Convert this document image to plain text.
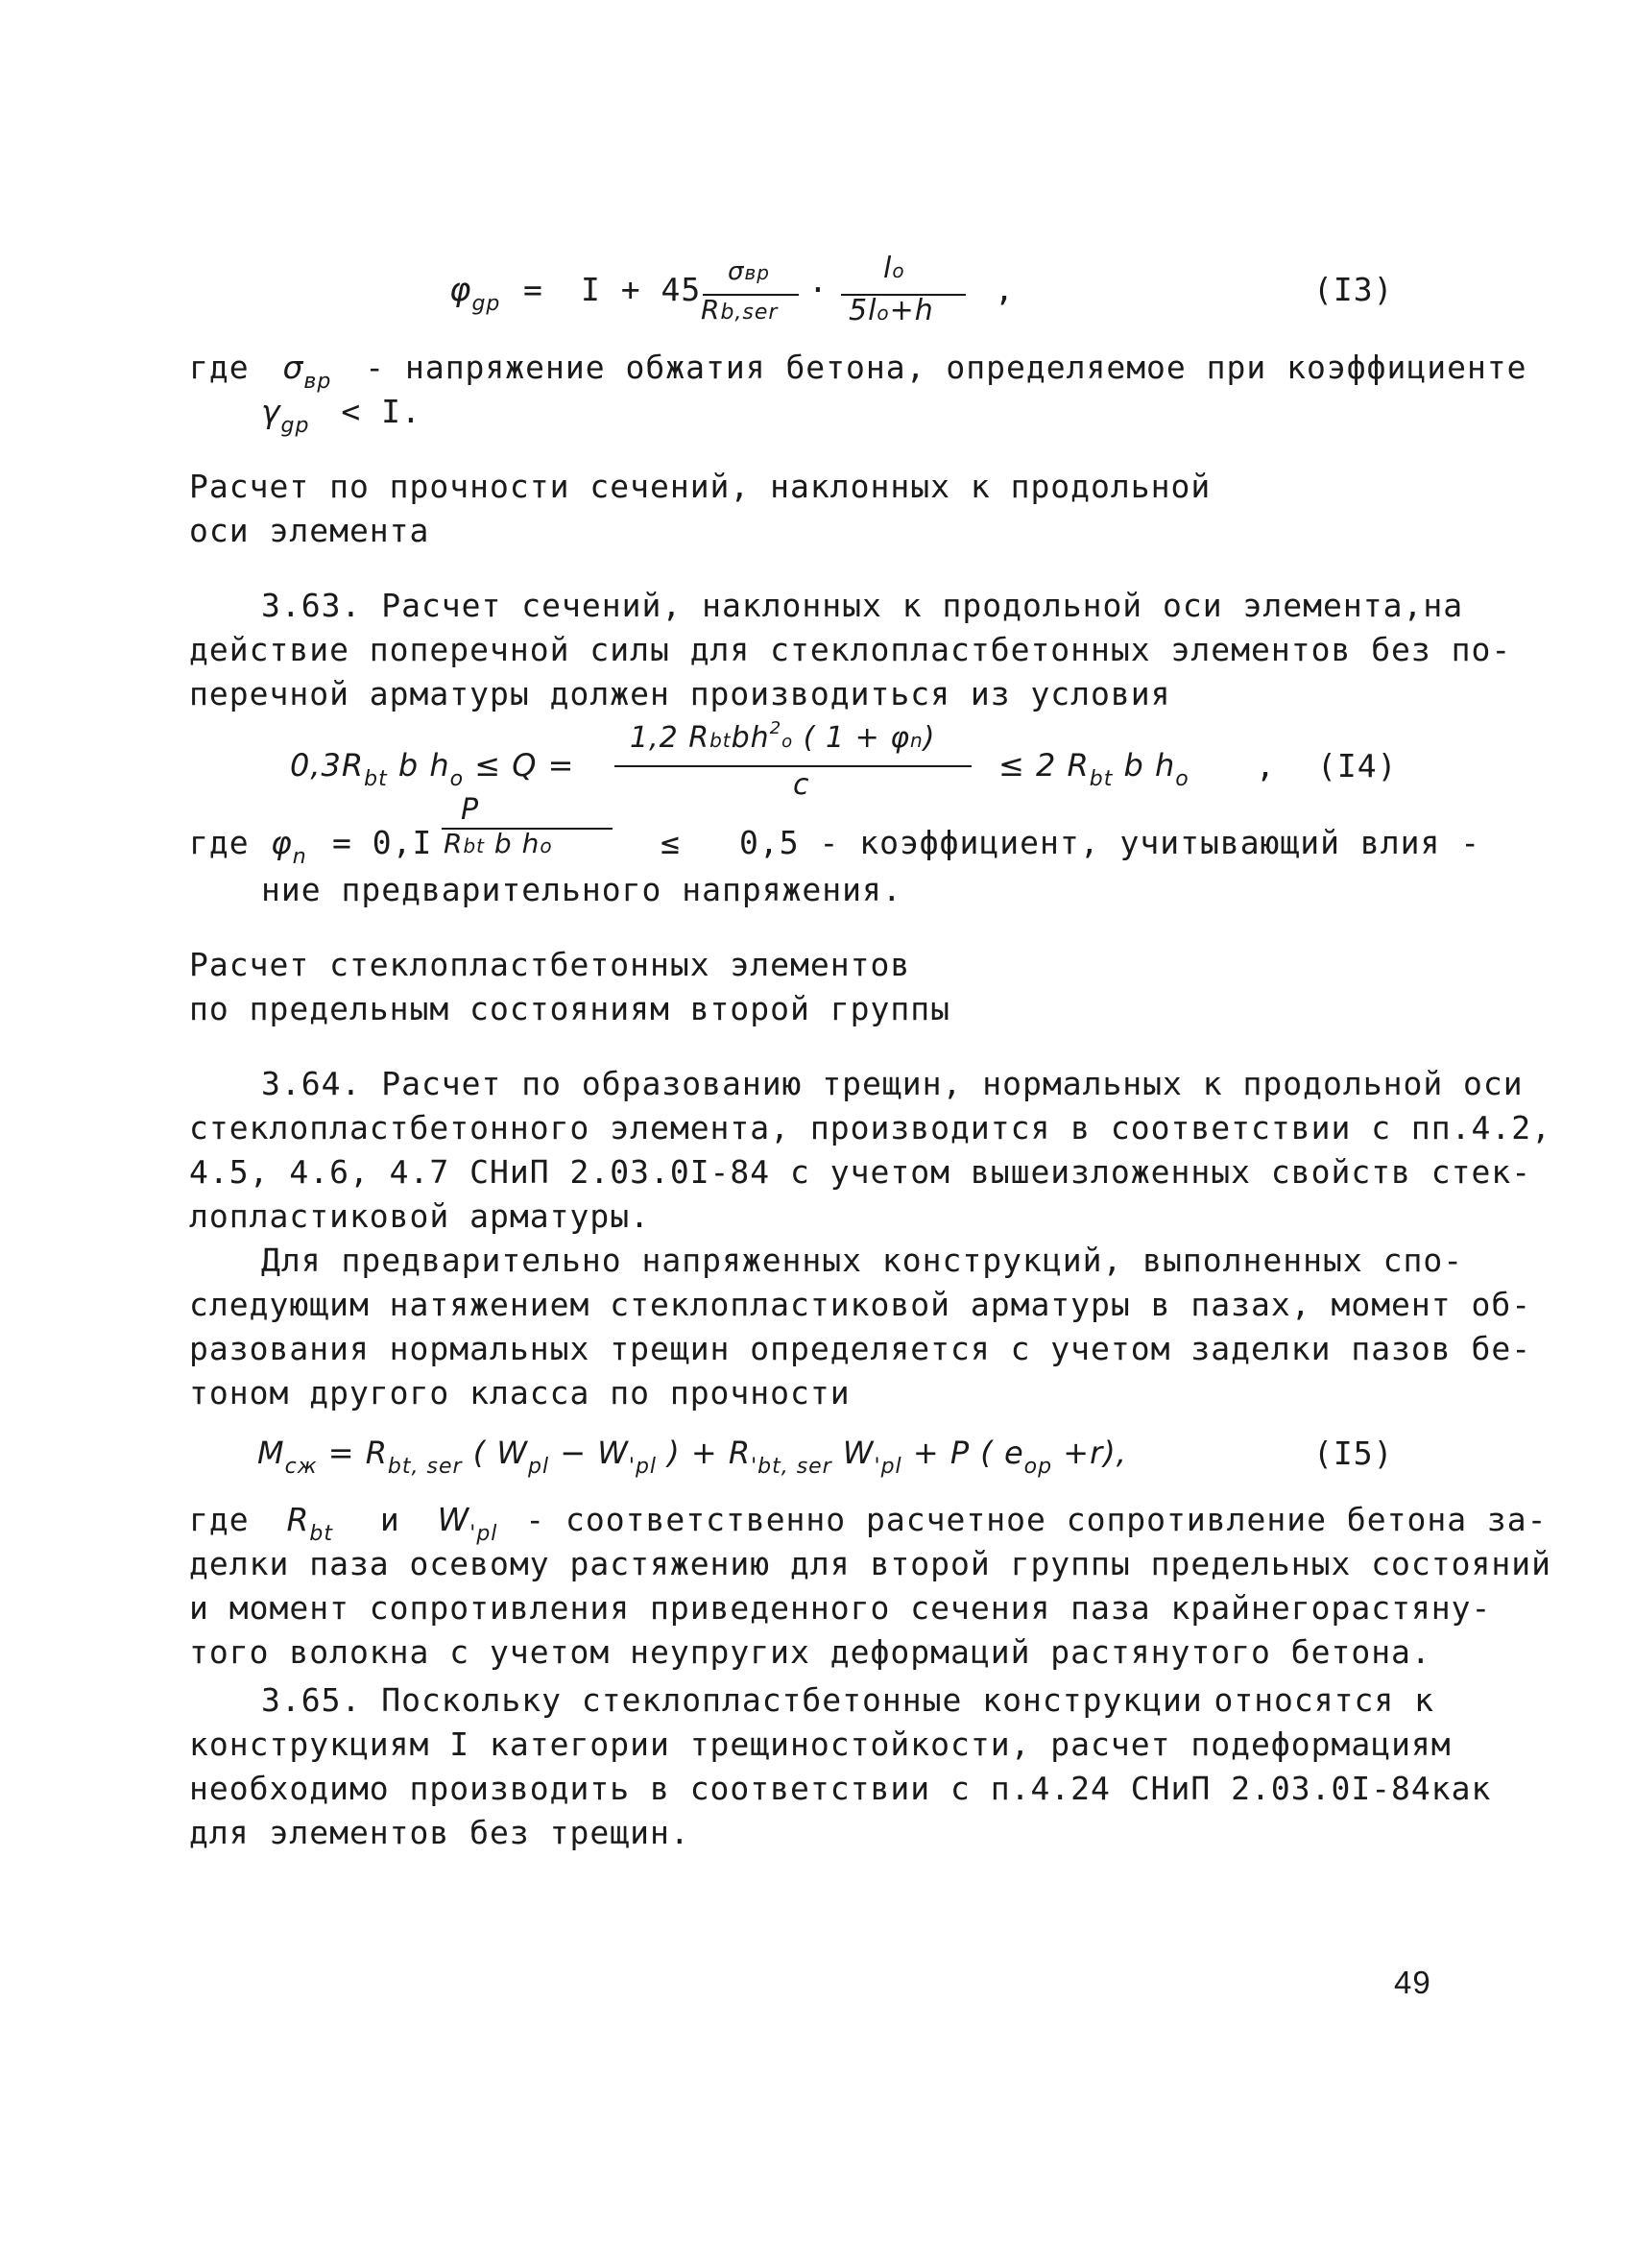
$\varphi_{gp} = I + 45$ σвp
Rb,ser
·
lo
5lo+h
,	(I3)
где $\sigma_{вp}$ - напряжение обжатия бетона, определяемое при коэффициенте
$\gamma_{gp} < I$.
Расчет по прочности сечений, наклонных к продольной
оси элемента
3.63. Расчет сечений, наклонных к продольной оси элемента, на
действие поперечной силы для стеклопластбетонных элементов без по-
перечной арматуры должен производиться из условия
$0,3R_{bt}$ b $h_o \le Q$ =
1,2 Rbtbh$^2$o ( 1 + φn)
c
≤ 2 $R_{bt}$ b $h_o$ , (I4)
P
где $\varphi_n = 0,I$ Rbt b ho	≤ 0,5 - коэффициент, учитывающий влия -
ние предварительного напряжения.
Расчет стеклопластбетонных элементов
по предельным состояниям второй группы
3.64. Расчет по образованию трещин, нормальных к продольной оси
стеклопластбетонного элемента, производится в соответствии с пп.4.2,
4.5, 4.6, 4.7 СНиП 2.03.0I-84 с учетом вышеизложенных свойств стек-
лопластиковой арматуры.
Для предварительно напряженных конструкций, выполненных с по-
следующим натяжением стеклопластиковой арматуры в пазах, момент об-
разования нормальных трещин определяется с учетом заделки пазов бе-
тоном другого класса по прочности
$M_{cж} = R_{bt, ser}$ ( $W_{pl} - W_{'pl}$ ) + $R_{'bt, ser}$ $W_{'pl} + P$ ( $e_{op} +r$),	(I5)
где $R_{bt}$ и $W_{'pl}$ - соответственно расчетное сопротивление бетона за-
делки паза осевому растяжению для второй группы предельных состояний
и момент сопротивления приведенного сечения паза крайнего растяну-
того волокна с учетом неупругих деформаций растянутого бетона.
3.65. Поскольку стеклопластбетонные конструкции относятся к
конструкциям I категории трещиностойкости, расчет по деформациям
необходимо производить в соответствии с п.4.24 СНиП 2.03.0I-84 как
для элементов без трещин.
49
